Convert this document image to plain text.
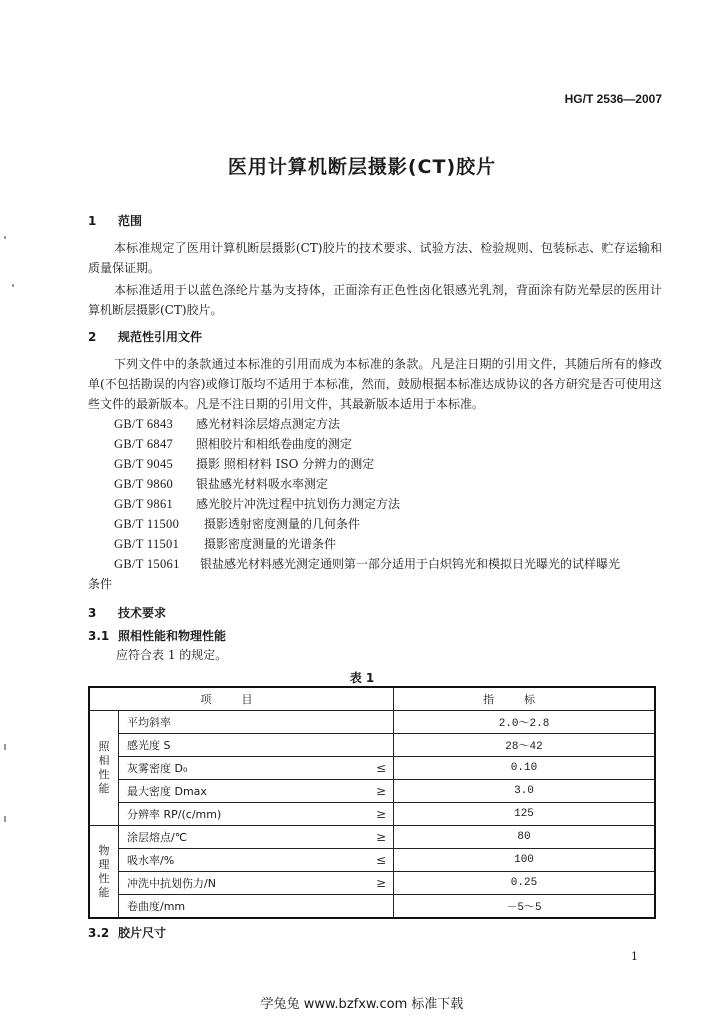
HG/T 2536—2007
医用计算机断层摄影(CT)胶片
1 范围
本标准规定了医用计算机断层摄影(CT)胶片的技术要求、试验方法、检验规则、包装标志、贮存运输和质量保证期。
本标准适用于以蓝色涤纶片基为支持体，正面涂有正色性卤化银感光乳剂，背面涂有防光晕层的医用计算机断层摄影(CT)胶片。
2 规范性引用文件
下列文件中的条款通过本标准的引用而成为本标准的条款。凡是注日期的引用文件，其随后所有的修改单(不包括勘误的内容)或修订版均不适用于本标准，然而，鼓励根据本标准达成协议的各方研究是否可使用这些文件的最新版本。凡是不注日期的引用文件，其最新版本适用于本标准。
GB/T 6843 感光材料涂层熔点测定方法
GB/T 6847 照相胶片和相纸卷曲度的测定
GB/T 9045 摄影 照相材料 ISO 分辨力的测定
GB/T 9860 银盐感光材料吸水率测定
GB/T 9861 感光胶片冲洗过程中抗划伤力测定方法
GB/T 11500 摄影透射密度测量的几何条件
GB/T 11501 摄影密度测量的光谱条件
GB/T 15061 银盐感光材料感光测定通则第一部分适用于白炽钨光和模拟日光曝光的试样曝光
条件
3 技术要求
3.1 照相性能和物理性能
应符合表 1 的规定。
表 1
项目			指标
照相性能	平均斜率		2.0～2.8
	感光度 S		28～42
	灰雾密度 D₀	≤	0.10
	最大密度 Dmax	≥	3.0
	分辨率 RP/(c/mm)	≥	125
物理性能	涂层熔点/℃	≥	80
	吸水率/%	≤	100
	冲洗中抗划伤力/N	≥	0.25
	卷曲度/mm		－5～5
3.2 胶片尺寸
1
学兔兔 www.bzfxw.com 标准下载
